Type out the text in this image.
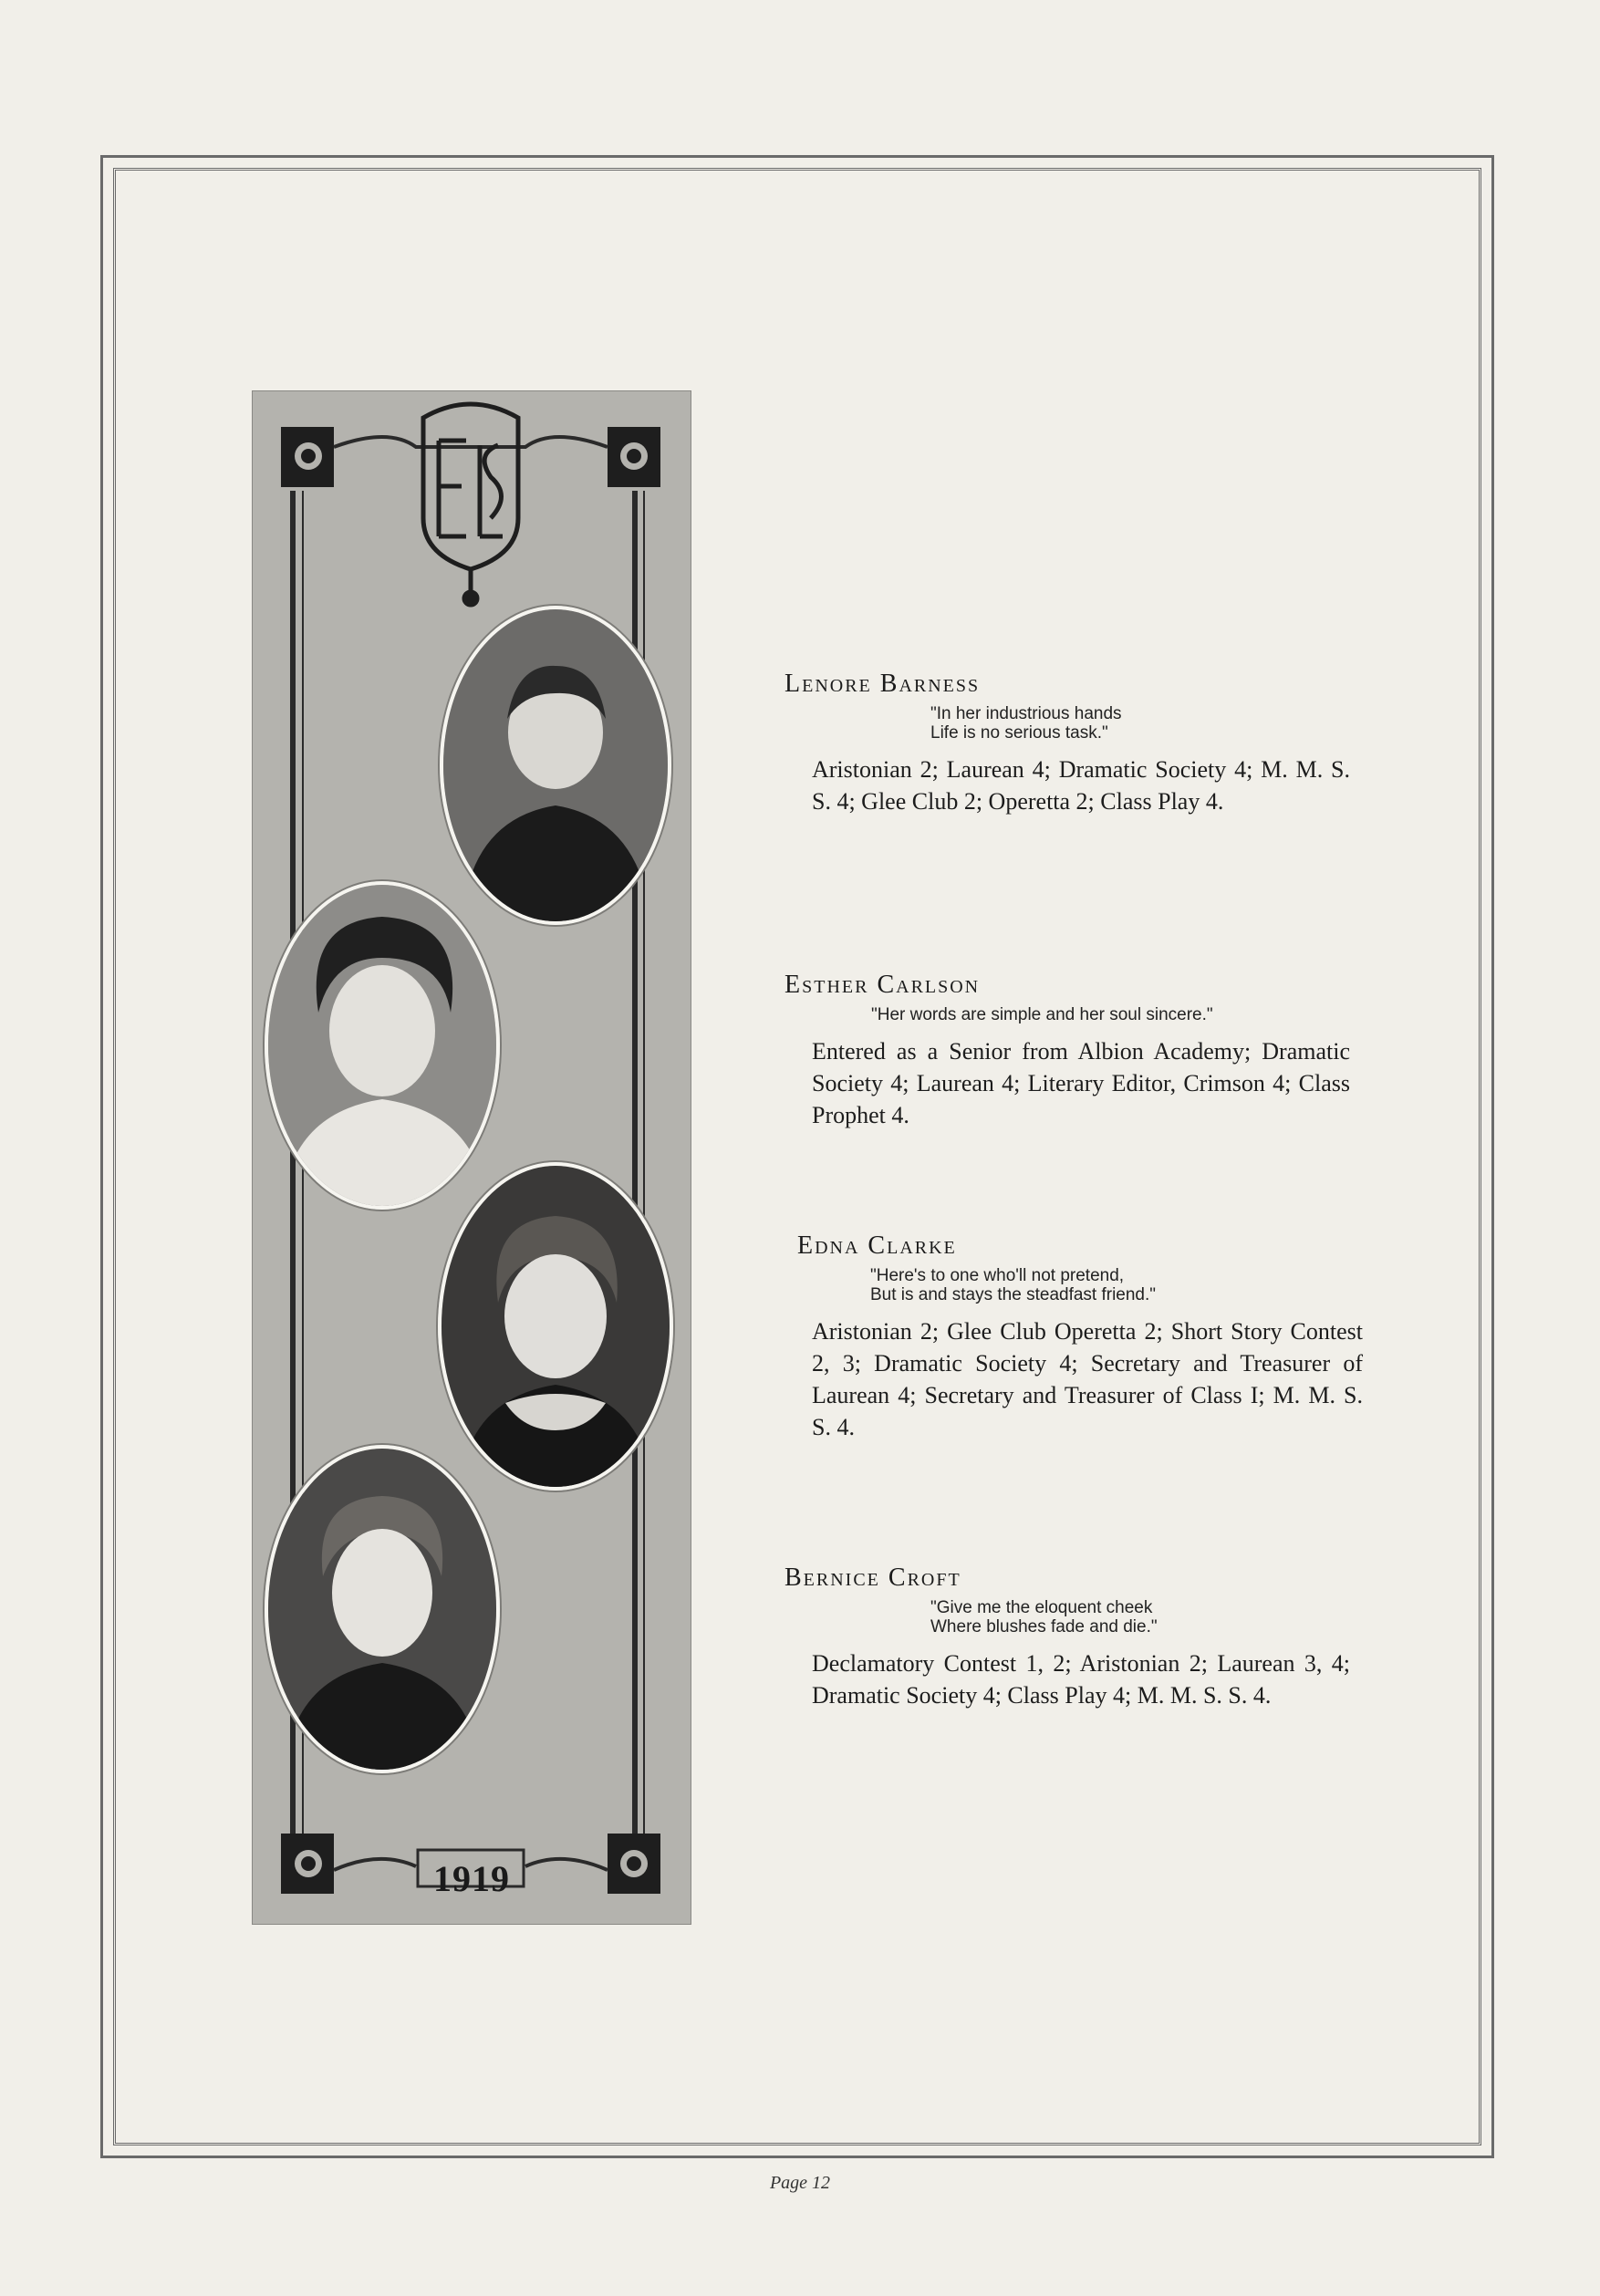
1919
Lenore Barness
"In her industrious hands
Life is no serious task."
Aristonian 2; Laurean 4; Dramatic Society 4; M. M. S. S. 4; Glee Club 2; Operetta 2; Class Play 4.
Esther Carlson
"Her words are simple and her soul sincere."
Entered as a Senior from Albion Academy; Dramatic Society 4; Laurean 4; Literary Editor, Crimson 4; Class Prophet 4.
Edna Clarke
"Here's to one who'll not pretend,
But is and stays the steadfast friend."
Aristonian 2; Glee Club Operetta 2; Short Story Contest 2, 3; Dramatic Society 4; Secretary and Treasurer of Laurean 4; Secretary and Treasurer of Class I; M. M. S. S. 4.
Bernice Croft
"Give me the eloquent cheek
Where blushes fade and die."
Declamatory Contest 1, 2; Aristonian 2; Laurean 3, 4; Dramatic Society 4; Class Play 4; M. M. S. S. 4.
Page 12
